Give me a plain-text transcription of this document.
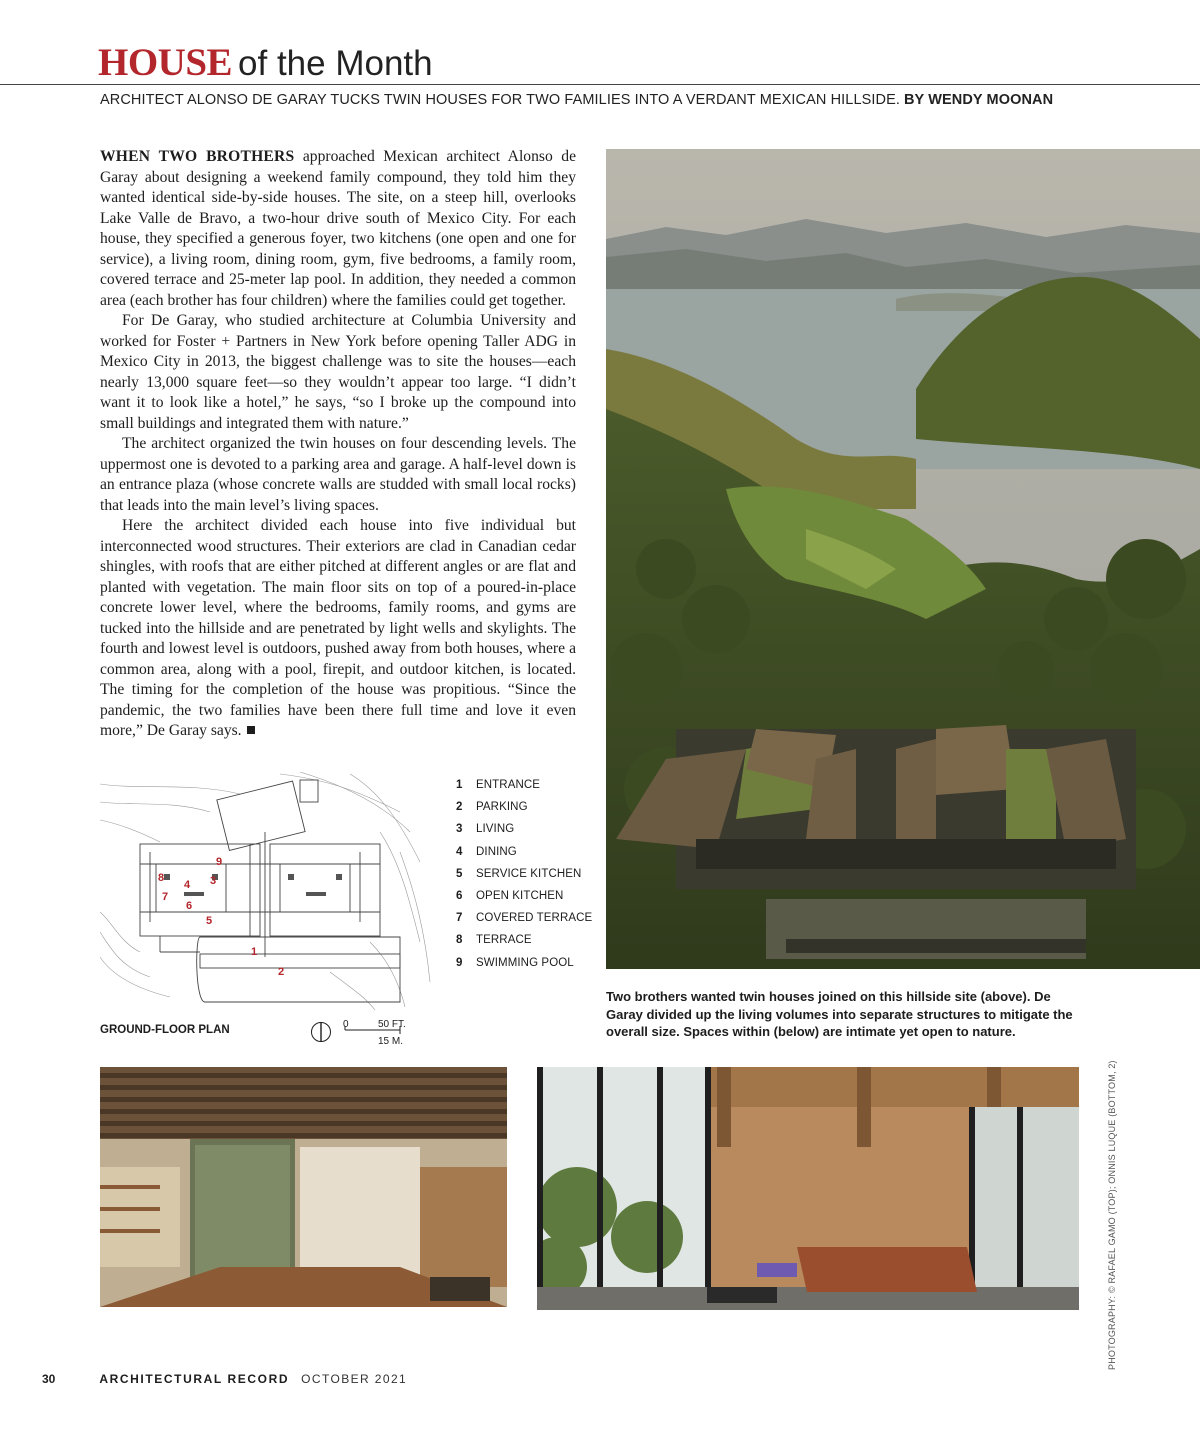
HOUSE of the Month
ARCHITECT ALONSO DE GARAY TUCKS TWIN HOUSES FOR TWO FAMILIES INTO A VERDANT MEXICAN HILLSIDE. BY WENDY MOONAN

WHEN TWO BROTHERS approached Mexican architect Alonso de Garay about designing a weekend family compound, they told him they wanted identical side-by-side houses. The site, on a steep hill, overlooks Lake Valle de Bravo, a two-hour drive south of Mexico City. For each house, they specified a generous foyer, two kitchens (one open and one for service), a living room, dining room, gym, five bedrooms, a family room, covered terrace and 25-meter lap pool. In addition, they needed a common area (each brother has four children) where the families could get together.

For De Garay, who studied architecture at Columbia University and worked for Foster + Partners in New York before opening Taller ADG in Mexico City in 2013, the biggest challenge was to site the houses—each nearly 13,000 square feet—so they wouldn’t appear too large. “I didn’t want it to look like a hotel,” he says, “so I broke up the compound into small buildings and integrated them with nature.”

The architect organized the twin houses on four descending levels. The uppermost one is devoted to a parking area and garage. A half-level down is an entrance plaza (whose concrete walls are studded with small local rocks) that leads into the main level’s living spaces.

Here the architect divided each house into five individual but interconnected wood structures. Their exteriors are clad in Canadian cedar shingles, with roofs that are either pitched at different angles or are flat and planted with vegetation. The main floor sits on top of a poured-in-place concrete lower level, where the bedrooms, family rooms, and gyms are tucked into the hillside and are penetrated by light wells and skylights. The fourth and lowest level is outdoors, pushed away from both houses, where a common area, along with a pool, firepit, and outdoor kitchen, is located. The timing for the completion of the house was propitious. “Since the pandemic, the two families have been there full time and love it even more,” De Garay says.

1
2
3
4
5
6
7
8
9
GROUND-FLOOR PLAN	0	50 FT.
15 M.
1	ENTRANCE
2	PARKING
3	LIVING
4	DINING
5	SERVICE KITCHEN
6	OPEN KITCHEN
7	COVERED TERRACE
8	TERRACE
9	SWIMMING POOL
Two brothers wanted twin houses joined on this hillside site (above). De Garay divided up the living volumes into separate structures to mitigate the overall size. Spaces within (below) are intimate yet open to nature.
PHOTOGRAPHY: © RAFAEL GAMO (TOP); ONNIS LUQUE (BOTTOM, 2)
30	ARCHITECTURAL RECORD OCTOBER 2021
